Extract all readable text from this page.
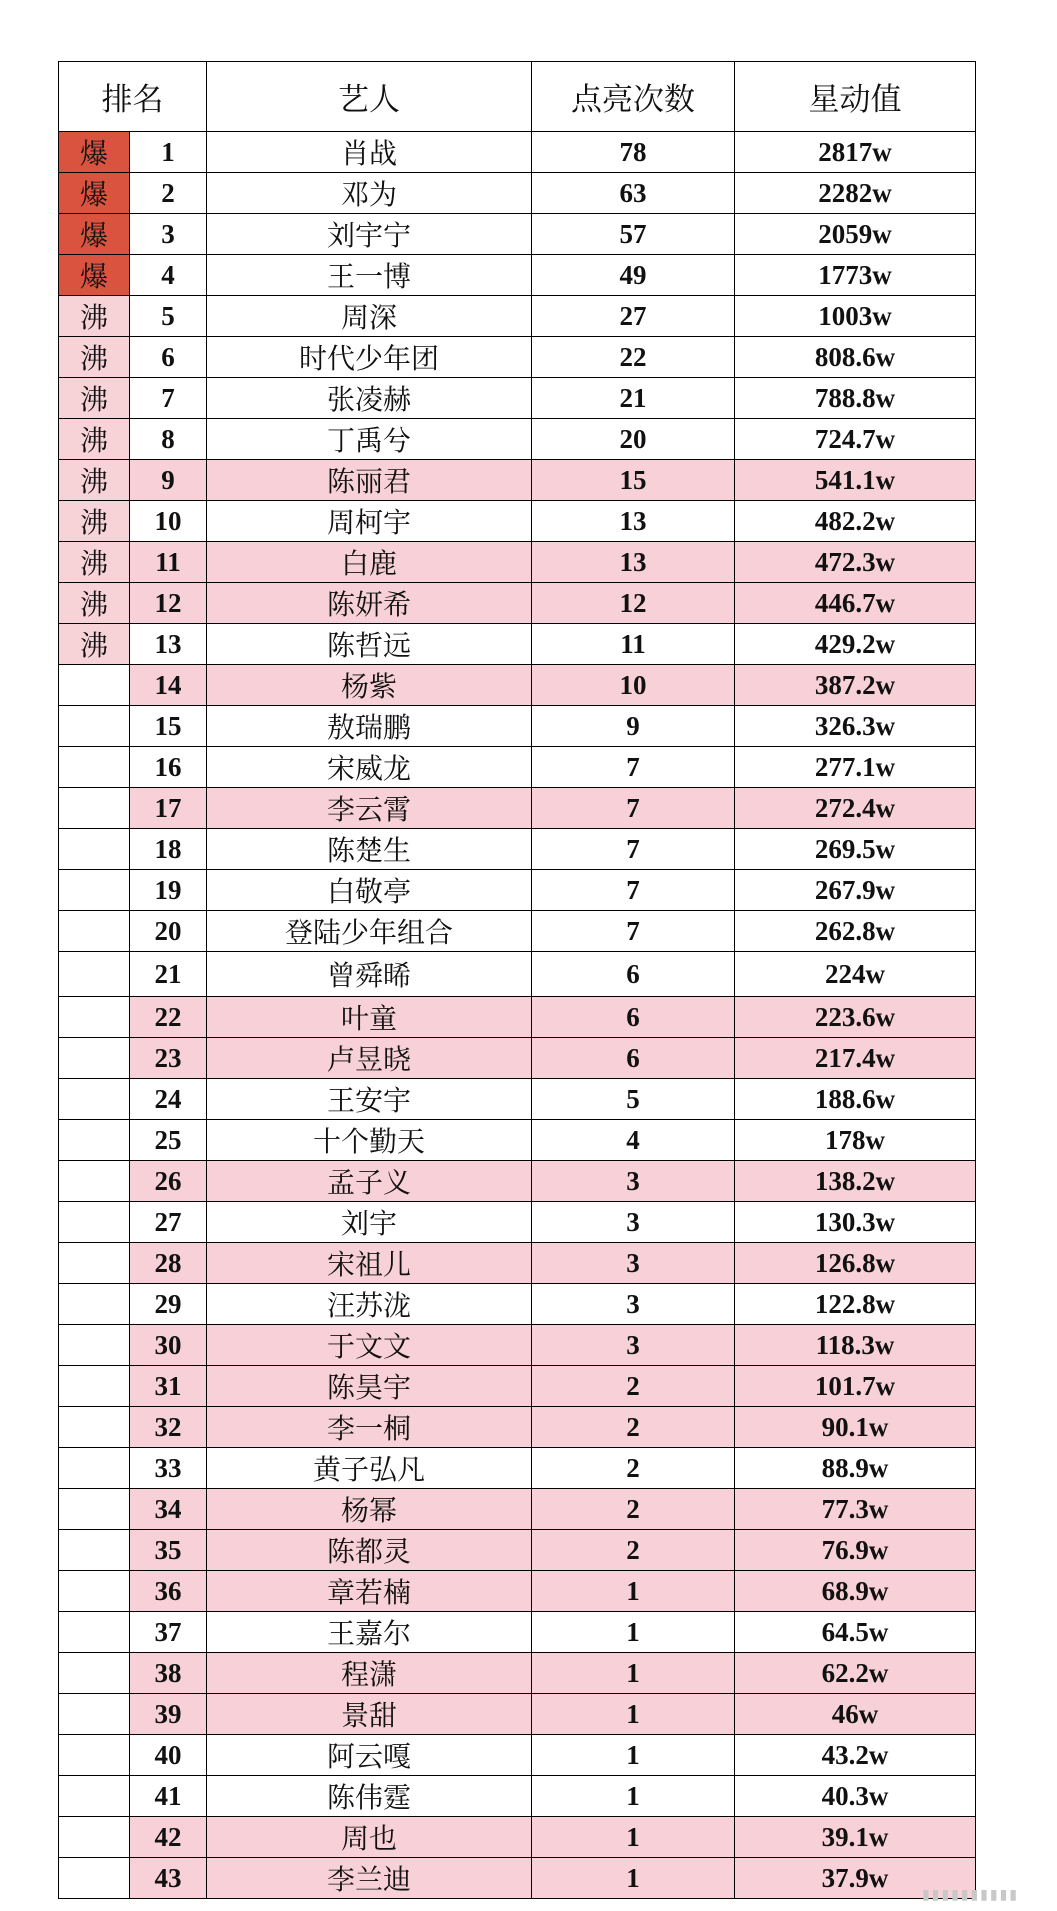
排名		艺人	点亮次数	星动值
爆	1	肖战	78	2817w
爆	2	邓为	63	2282w
爆	3	刘宇宁	57	2059w
爆	4	王一博	49	1773w
沸	5	周深	27	1003w
沸	6	时代少年团	22	808.6w
沸	7	张凌赫	21	788.8w
沸	8	丁禹兮	20	724.7w
沸	9	陈丽君	15	541.1w
沸	10	周柯宇	13	482.2w
沸	11	白鹿	13	472.3w
沸	12	陈妍希	12	446.7w
沸	13	陈哲远	11	429.2w
	14	杨紫	10	387.2w
	15	敖瑞鹏	9	326.3w
	16	宋威龙	7	277.1w
	17	李云霄	7	272.4w
	18	陈楚生	7	269.5w
	19	白敬亭	7	267.9w
	20	登陆少年组合	7	262.8w
	21	曾舜晞	6	224w
	22	叶童	6	223.6w
	23	卢昱晓	6	217.4w
	24	王安宇	5	188.6w
	25	十个勤天	4	178w
	26	孟子义	3	138.2w
	27	刘宇	3	130.3w
	28	宋祖儿	3	126.8w
	29	汪苏泷	3	122.8w
	30	于文文	3	118.3w
	31	陈昊宇	2	101.7w
	32	李一桐	2	90.1w
	33	黄子弘凡	2	88.9w
	34	杨幂	2	77.3w
	35	陈都灵	2	76.9w
	36	章若楠	1	68.9w
	37	王嘉尔	1	64.5w
	38	程潇	1	62.2w
	39	景甜	1	46w
	40	阿云嘎	1	43.2w
	41	陈伟霆	1	40.3w
	42	周也	1	39.1w
	43	李兰迪	1	37.9w
▮▮▮▮▮▮▮▮▮▮
